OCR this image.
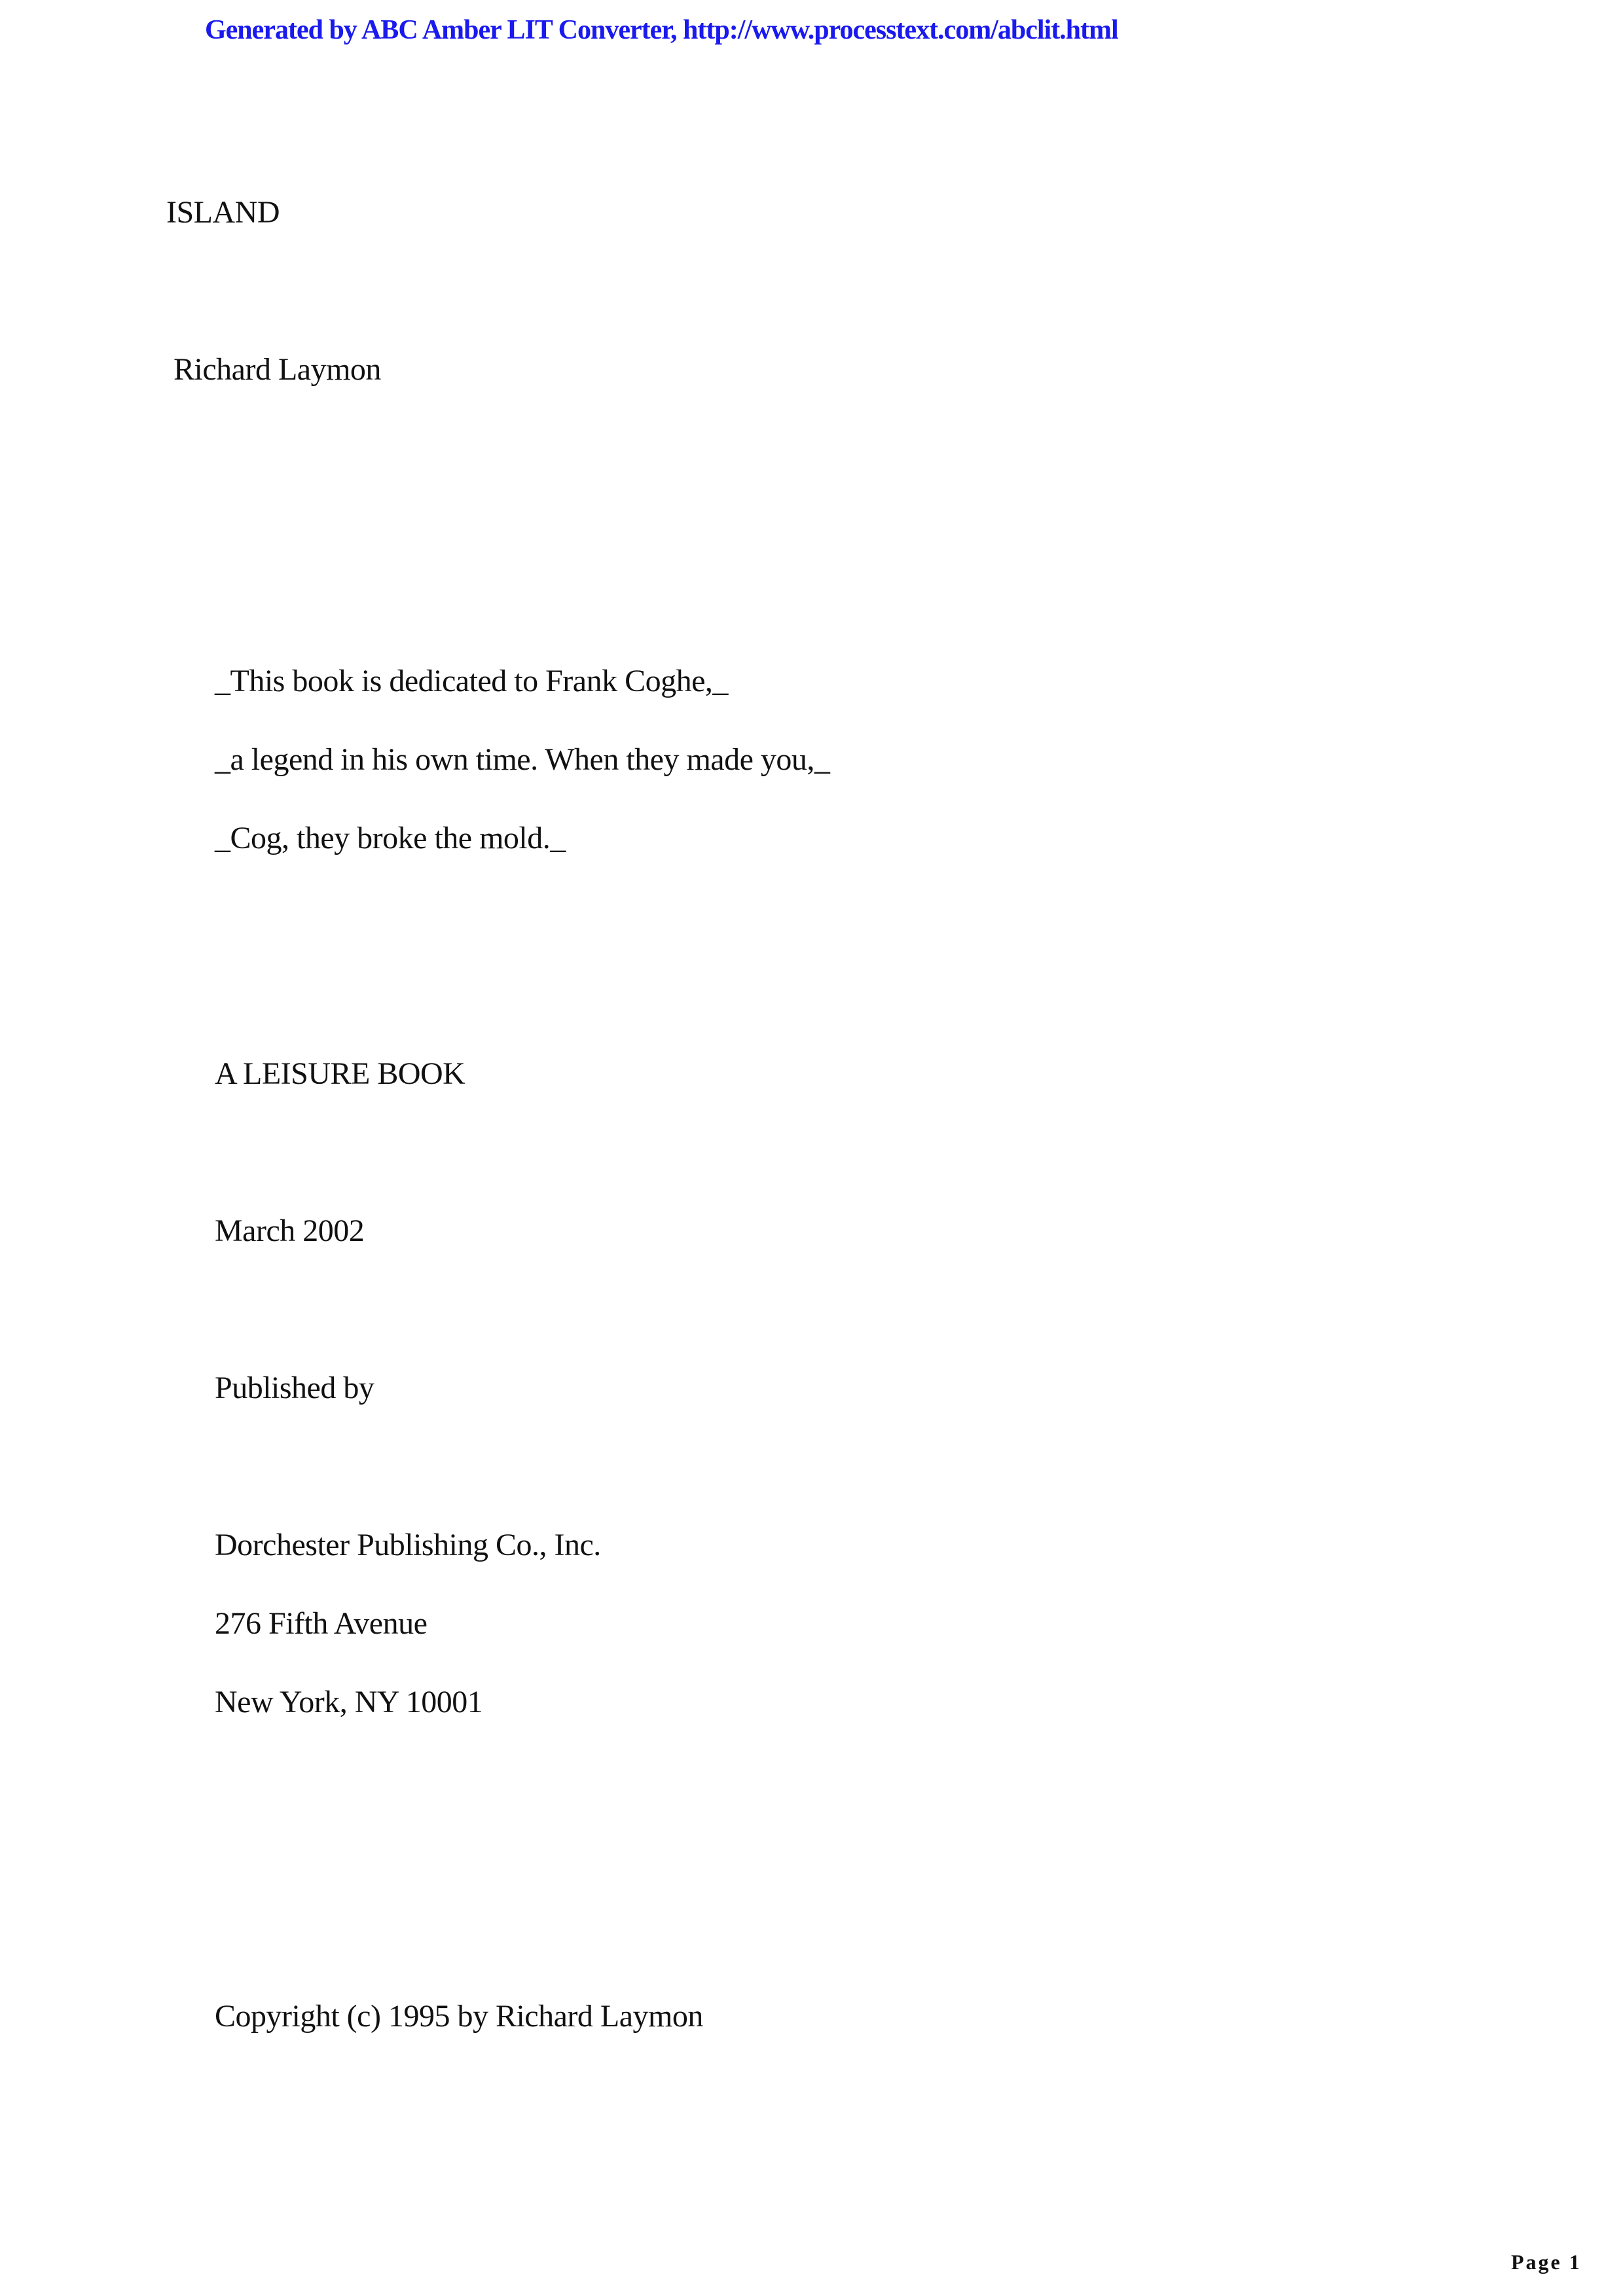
Generated by ABC Amber LIT Converter, http://www.processtext.com/abclit.html
ISLAND
Richard Laymon
_This book is dedicated to Frank Coghe,_
_a legend in his own time. When they made you,_
_Cog, they broke the mold._
A LEISURE BOOK
March 2002
Published by
Dorchester Publishing Co., Inc.
276 Fifth Avenue
New York, NY 10001
Copyright (c) 1995 by Richard Laymon
Page 1
